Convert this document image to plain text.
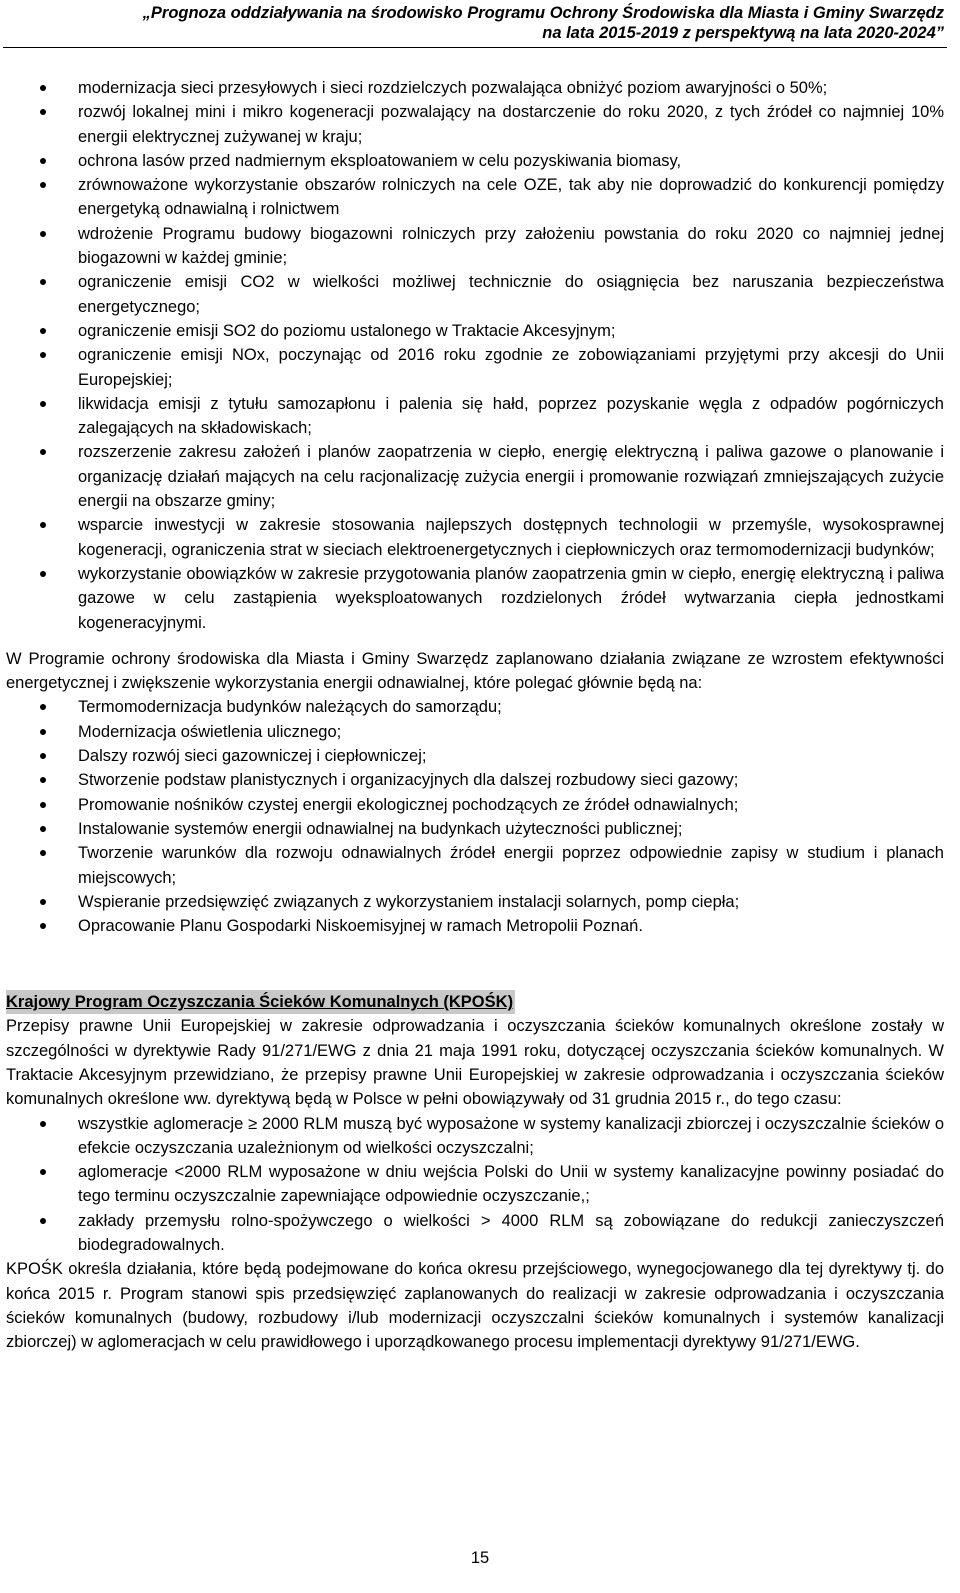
„Prognoza oddziaływania na środowisko Programu Ochrony Środowiska dla Miasta i Gminy Swarzędz
na lata 2015-2019 z perspektywą na lata 2020-2024”
modernizacja sieci przesyłowych i sieci rozdzielczych pozwalająca obniżyć poziom awaryjności o 50%;
rozwój lokalnej mini i mikro kogeneracji pozwalający na dostarczenie do roku 2020, z tych źródeł co najmniej 10% energii elektrycznej zużywanej w kraju;
ochrona lasów przed nadmiernym eksploatowaniem w celu pozyskiwania biomasy,
zrównoważone wykorzystanie obszarów rolniczych na cele OZE, tak aby nie doprowadzić do konkurencji pomiędzy energetyką odnawialną i rolnictwem
wdrożenie Programu budowy biogazowni rolniczych przy założeniu powstania do roku 2020 co najmniej jednej biogazowni w każdej gminie;
ograniczenie emisji CO2 w wielkości możliwej technicznie do osiągnięcia bez naruszania bezpieczeństwa energetycznego;
ograniczenie emisji SO2 do poziomu ustalonego w Traktacie Akcesyjnym;
ograniczenie emisji NOx, poczynając od 2016 roku zgodnie ze zobowiązaniami przyjętymi przy akcesji do Unii Europejskiej;
likwidacja emisji z tytułu samozapłonu i palenia się hałd, poprzez pozyskanie węgla z odpadów pogórniczych zalegających na składowiskach;
rozszerzenie zakresu założeń i planów zaopatrzenia w ciepło, energię elektryczną i paliwa gazowe o planowanie i organizację działań mających na celu racjonalizację zużycia energii i promowanie rozwiązań zmniejszających zużycie energii na obszarze gminy;
wsparcie inwestycji w zakresie stosowania najlepszych dostępnych technologii w przemyśle, wysokosprawnej kogeneracji, ograniczenia strat w sieciach elektroenergetycznych i ciepłowniczych oraz termomodernizacji budynków;
wykorzystanie obowiązków w zakresie przygotowania planów zaopatrzenia gmin w ciepło, energię elektryczną i paliwa gazowe w celu zastąpienia wyeksploatowanych rozdzielonych źródeł wytwarzania ciepła jednostkami kogeneracyjnymi.

W Programie ochrony środowiska dla Miasta i Gminy Swarzędz zaplanowano działania związane ze wzrostem efektywności energetycznej i zwiększenie wykorzystania energii odnawialnej, które polegać głównie będą na:

Termomodernizacja budynków należących do samorządu;
Modernizacja oświetlenia ulicznego;
Dalszy rozwój sieci gazowniczej i ciepłowniczej;
Stworzenie podstaw planistycznych i organizacyjnych dla dalszej rozbudowy sieci gazowy;
Promowanie nośników czystej energii ekologicznej pochodzących ze źródeł odnawialnych;
Instalowanie systemów energii odnawialnej na budynkach użyteczności publicznej;
Tworzenie warunków dla rozwoju odnawialnych źródeł energii poprzez odpowiednie zapisy w studium i planach miejscowych;
Wspieranie przedsięwzięć związanych z wykorzystaniem instalacji solarnych, pomp ciepła;
Opracowanie Planu Gospodarki Niskoemisyjnej w ramach Metropolii Poznań.

Krajowy Program Oczyszczania Ścieków Komunalnych (KPOŚK)

Przepisy prawne Unii Europejskiej w zakresie odprowadzania i oczyszczania ścieków komunalnych określone zostały w szczególności w dyrektywie Rady 91/271/EWG z dnia 21 maja 1991 roku, dotyczącej oczyszczania ścieków komunalnych. W Traktacie Akcesyjnym przewidziano, że przepisy prawne Unii Europejskiej w zakresie odprowadzania i oczyszczania ścieków komunalnych określone ww. dyrektywą będą w Polsce w pełni obowiązywały od 31 grudnia 2015 r., do tego czasu:

wszystkie aglomeracje ≥ 2000 RLM muszą być wyposażone w systemy kanalizacji zbiorczej i oczyszczalnie ścieków o efekcie oczyszczania uzależnionym od wielkości oczyszczalni;
aglomeracje <2000 RLM wyposażone w dniu wejścia Polski do Unii w systemy kanalizacyjne powinny posiadać do tego terminu oczyszczalnie zapewniające odpowiednie oczyszczanie,;
zakłady przemysłu rolno-spożywczego o wielkości > 4000 RLM są zobowiązane do redukcji zanieczyszczeń biodegradowalnych.

KPOŚK określa działania, które będą podejmowane do końca okresu przejściowego, wynegocjowanego dla tej dyrektywy tj. do końca 2015 r. Program stanowi spis przedsięwzięć zaplanowanych do realizacji w zakresie odprowadzania i oczyszczania ścieków komunalnych (budowy, rozbudowy i/lub modernizacji oczyszczalni ścieków komunalnych i systemów kanalizacji zbiorczej) w aglomeracjach w celu prawidłowego i uporządkowanego procesu implementacji dyrektywy 91/271/EWG.

15
